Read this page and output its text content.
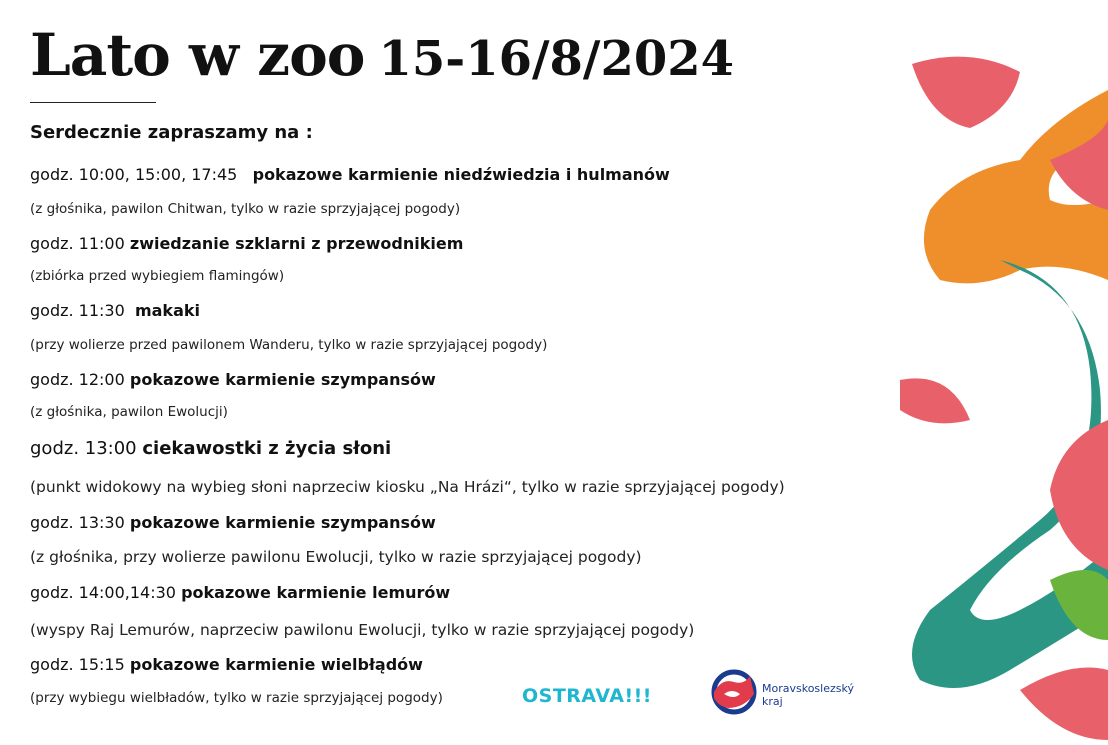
Lato w zoo 15-16/8/2024

Serdecznie zapraszamy na :

godz. 10:00, 15:00, 17:45 pokazowe karmienie niedźwiedzia i hulmanów
(z głośnika, pawilon Chitwan, tylko w razie sprzyjającej pogody)
godz. 11:00 zwiedzanie szklarni z przewodnikiem
(zbiórka przed wybiegiem flamingów)
godz. 11:30 makaki
(przy wolierze przed pawilonem Wanderu, tylko w razie sprzyjającej pogody)
godz. 12:00 pokazowe karmienie szympansów
(z głośnika, pawilon Ewolucji)
godz. 13:00 ciekawostki z życia słoni
(punkt widokowy na wybieg słoni naprzeciw kiosku „Na Hrázi“, tylko w razie sprzyjającej pogody)
godz. 13:30 pokazowe karmienie szympansów
(z głośnika, przy wolierze pawilonu Ewolucji, tylko w razie sprzyjającej pogody)
godz. 14:00,14:30 pokazowe karmienie lemurów
(wyspy Raj Lemurów, naprzeciw pawilonu Ewolucji, tylko w razie sprzyjającej pogody)
godz. 15:15 pokazowe karmienie wielbłądów
(przy wybiegu wielbładów, tylko w razie sprzyjającej pogody)	OSTRAVA!!!	Moravskoslezský
kraj
